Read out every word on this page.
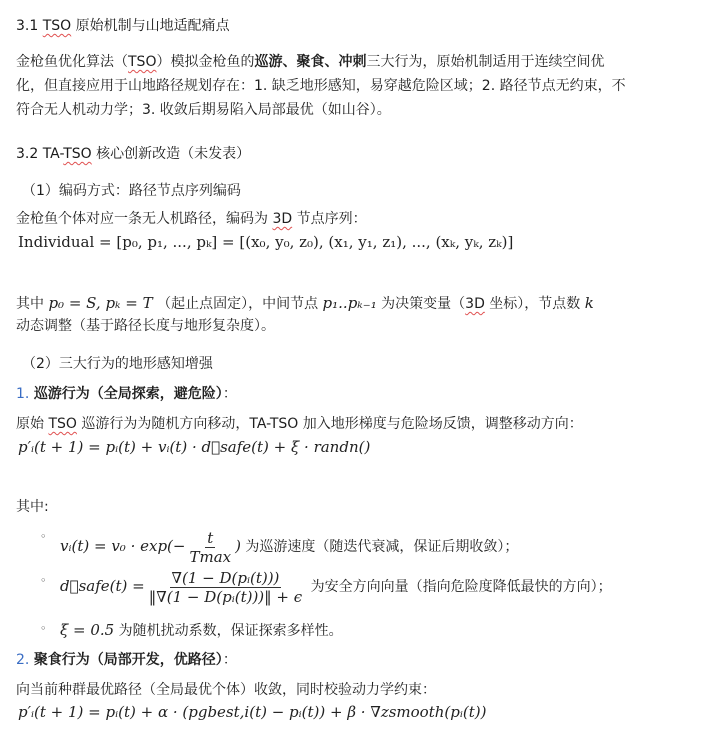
3.1 TSO 原始机制与山地适配痛点
金枪鱼优化算法（TSO）模拟金枪鱼的巡游、聚食、冲刺三大行为，原始机制适用于连续空间优
化，但直接应用于山地路径规划存在：1. 缺乏地形感知，易穿越危险区域；2. 路径节点无约束，不
符合无人机动力学；3. 收敛后期易陷入局部最优（如山谷）。
3.2 TA-TSO 核心创新改造（未发表）
（1）编码方式：路径节点序列编码
金枪鱼个体对应一条无人机路径，编码为 3D 节点序列：
Individual = [p₀, p₁, ..., pₖ] = [(x₀, y₀, z₀), (x₁, y₁, z₁), ..., (xₖ, yₖ, zₖ)]
其中 p₀ = S, pₖ = T （起止点固定），中间节点 p₁..pₖ₋₁ 为决策变量（3D 坐标），节点数 k
动态调整（基于路径长度与地形复杂度）。
（2）三大行为的地形感知增强
1. 巡游行为（全局探索，避危险）：
原始 TSO 巡游行为为随机方向移动，TA-TSO 加入地形梯度与危险场反馈，调整移动方向：
p′ᵢ(t + 1) = pᵢ(t) + vᵢ(t) · d⃗safe(t) + ξ · randn()
其中:
◦
vᵢ(t) = $v_0 \cdot \exp(- \frac{t}{Tmax}$ ) 为巡游速度（随迭代衰减，保证后期收敛）；
◦ d⃗safe(t) = $\frac{\text{∇(1 − D(pᵢ(t)))}}{\text{‖∇(1 − D(pᵢ(t)))‖ + ϵ}}$ 为安全方向向量（指向危险度降低最快的方向）；
◦ ξ = 0.5 为随机扰动系数，保证探索多样性。
2. 聚食行为（局部开发，优路径）：
向当前种群最优路径（全局最优个体）收敛，同时校验动力学约束：
p′ᵢ(t + 1) = pᵢ(t) + α · (pgbest,i(t) − pᵢ(t)) + β · ∇zsmooth(pᵢ(t))
